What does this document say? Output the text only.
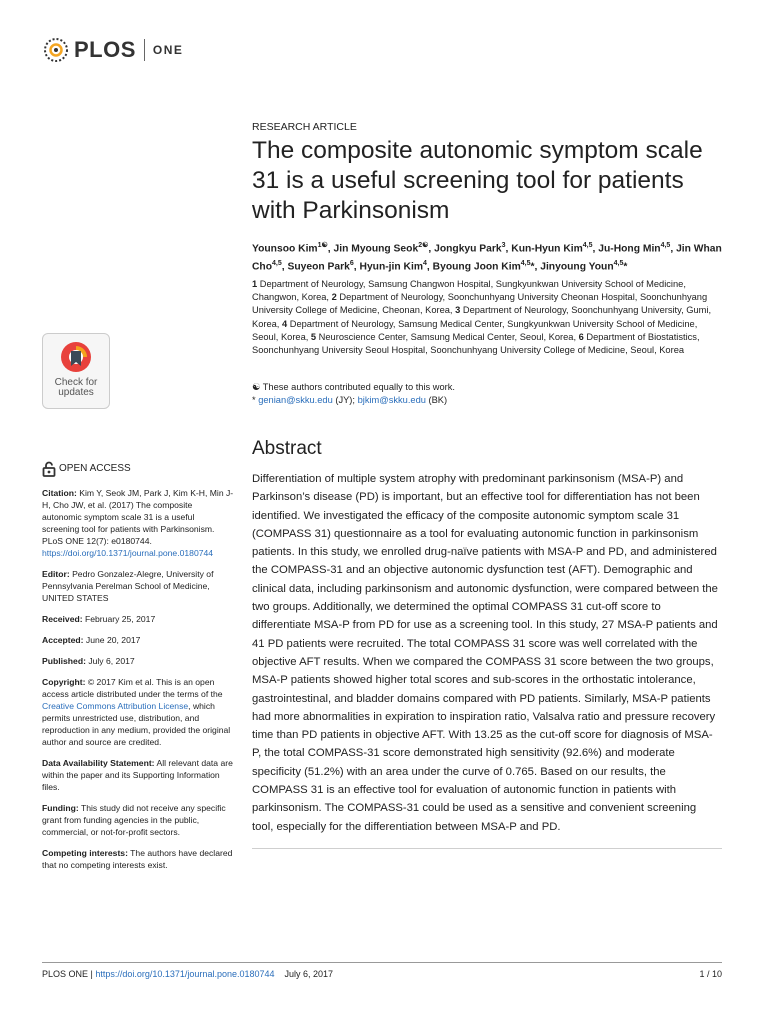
PLOS ONE
Check for
updates
RESEARCH ARTICLE
The composite autonomic symptom scale 31 is a useful screening tool for patients with Parkinsonism
Younsoo Kim$^{1☯}$, Jin Myoung Seok$^{2☯}$, Jongkyu Park$^3$, Kun-Hyun Kim$^{4,5}$, Ju-Hong Min$^{4,5}$, Jin Whan Cho$^{4,5}$, Suyeon Park$^6$, Hyun-jin Kim$^4$, Byoung Joon Kim$^{4,5}$*, Jinyoung Youn$^{4,5}$*
1 Department of Neurology, Samsung Changwon Hospital, Sungkyunkwan University School of Medicine, Changwon, Korea, 2 Department of Neurology, Soonchunhyang University Cheonan Hospital, Soonchunhyang University College of Medicine, Cheonan, Korea, 3 Department of Neurology, Soonchunhyang University, Gumi, Korea, 4 Department of Neurology, Samsung Medical Center, Sungkyunkwan University School of Medicine, Seoul, Korea, 5 Neuroscience Center, Samsung Medical Center, Seoul, Korea, 6 Department of Biostatistics, Soonchunhyang University Seoul Hospital, Soonchunhyang University College of Medicine, Seoul, Korea
☯ These authors contributed equally to this work.
* genian@skku.edu (JY); bjkim@skku.edu (BK)
OPEN ACCESS

Citation: Kim Y, Seok JM, Park J, Kim K-H, Min J-H, Cho JW, et al. (2017) The composite autonomic symptom scale 31 is a useful screening tool for patients with Parkinsonism. PLoS ONE 12(7): e0180744. https://doi.org/10.1371/journal.pone.0180744

Editor: Pedro Gonzalez-Alegre, University of Pennsylvania Perelman School of Medicine, UNITED STATES

Received: February 25, 2017

Accepted: June 20, 2017

Published: July 6, 2017

Copyright: © 2017 Kim et al. This is an open access article distributed under the terms of the Creative Commons Attribution License, which permits unrestricted use, distribution, and reproduction in any medium, provided the original author and source are credited.

Data Availability Statement: All relevant data are within the paper and its Supporting Information files.

Funding: This study did not receive any specific grant from funding agencies in the public, commercial, or not-for-profit sectors.

Competing interests: The authors have declared that no competing interests exist.

Abstract

Differentiation of multiple system atrophy with predominant parkinsonism (MSA-P) and Parkinson’s disease (PD) is important, but an effective tool for differentiation has not been identified. We investigated the efficacy of the composite autonomic symptom scale 31 (COMPASS 31) questionnaire as a tool for evaluating autonomic function in parkinsonism patients. In this study, we enrolled drug-naïve patients with MSA-P and PD, and administered the COMPASS-31 and an objective autonomic dysfunction test (AFT). Demographic and clinical data, including parkinsonism and autonomic dysfunction, were compared between the two groups. Additionally, we determined the optimal COMPASS 31 cut-off score to differentiate MSA-P from PD for use as a screening tool. In this study, 27 MSA-P patients and 41 PD patients were recruited. The total COMPASS 31 score was well correlated with the objective AFT results. When we compared the COMPASS 31 score between the two groups, MSA-P patients showed higher total scores and sub-scores in the orthostatic intolerance, gastrointestinal, and bladder domains compared with PD patients. Similarly, MSA-P patients had more abnormalities in expiration to inspiration ratio, Valsalva ratio and pressure recovery time than PD patients in objective AFT. With 13.25 as the cut-off score for diagnosis of MSA-P, the total COMPASS-31 score demonstrated high sensitivity (92.6%) and moderate specificity (51.2%) with an area under the curve of 0.765. Based on our results, the COMPASS 31 is an effective tool for evaluation of autonomic function in patients with parkinsonism. The COMPASS-31 could be used as a sensitive and convenient screening tool, especially for the differentiation between MSA-P and PD.

PLOS ONE | https://doi.org/10.1371/journal.pone.0180744    July 6, 2017	1 / 10
